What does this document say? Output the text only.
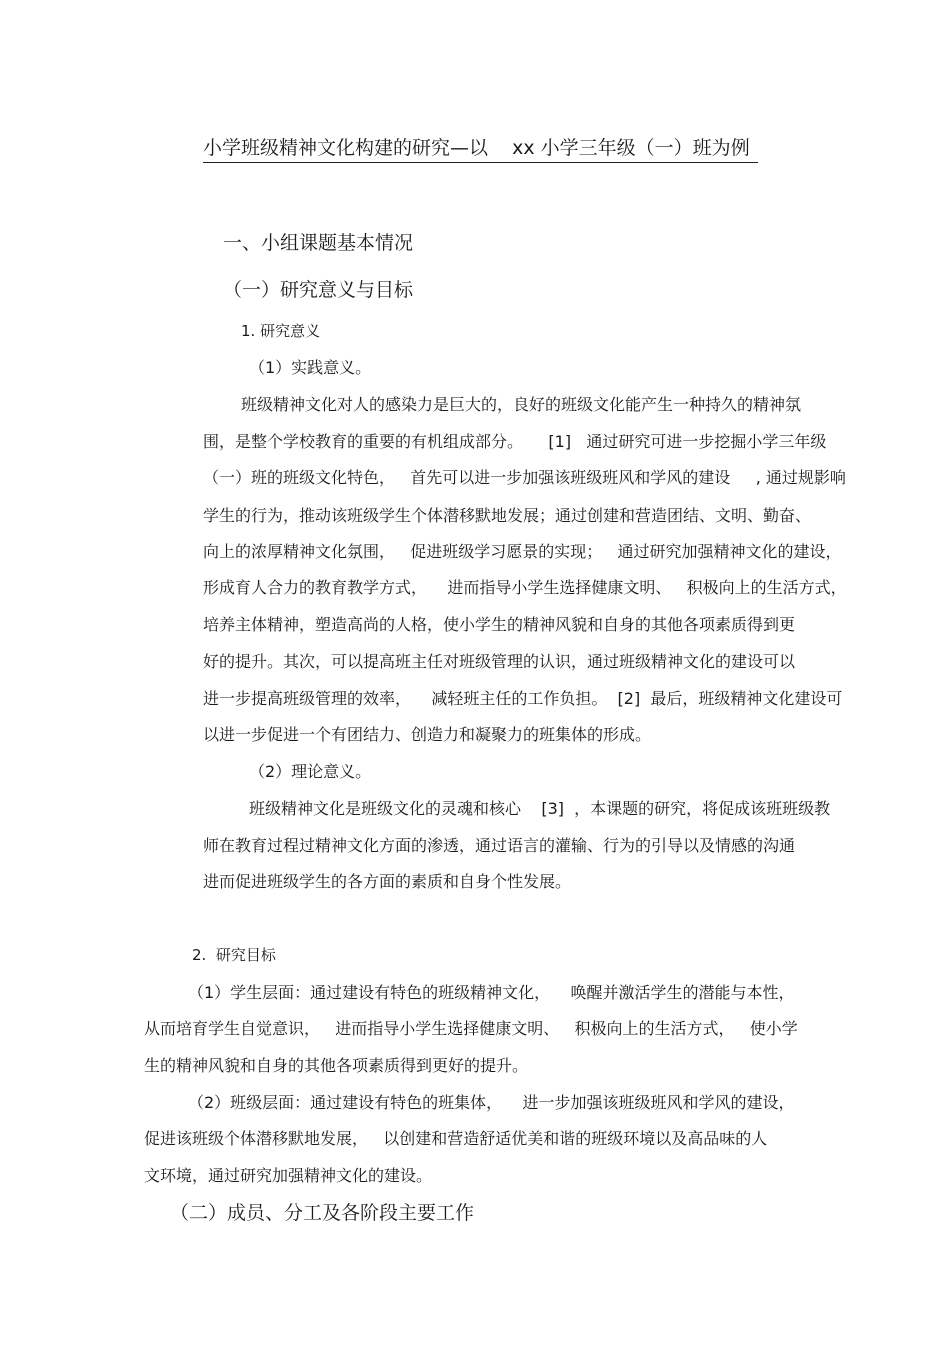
小学班级精神文化构建的研究—以    xx 小学三年级（一）班为例
一、小组课题基本情况
（一）研究意义与目标
1. 研究意义
（1）实践意义。
班级精神文化对人的感染力是巨大的，良好的班级文化能产生一种持久的精神氛
围，是整个学校教育的重要的有机组成部分。     [1]   通过研究可进一步挖掘小学三年级
（一）班的班级文化特色，   首先可以进一步加强该班级班风和学风的建设     , 通过规影响
学生的行为，推动该班级学生个体潜移默地发展；通过创建和营造团结、文明、勤奋、
向上的浓厚精神文化氛围，   促进班级学习愿景的实现；   通过研究加强精神文化的建设，
形成育人合力的教育教学方式，    进而指导小学生选择健康文明、   积极向上的生活方式，
培养主体精神，塑造高尚的人格，使小学生的精神风貌和自身的其他各项素质得到更
好的提升。其次，可以提高班主任对班级管理的认识，通过班级精神文化的建设可以
进一步提高班级管理的效率，    减轻班主任的工作负担。  [2]  最后，班级精神文化建设可
以进一步促进一个有团结力、创造力和凝聚力的班集体的形成。
（2）理论意义。
班级精神文化是班级文化的灵魂和核心    [3]  ，本课题的研究，将促成该班班级教
师在教育过程过精神文化方面的渗透，通过语言的灌输、行为的引导以及情感的沟通
进而促进班级学生的各方面的素质和自身个性发展。
2.  研究目标
（1）学生层面：通过建设有特色的班级精神文化，    唤醒并激活学生的潜能与本性，
从而培育学生自觉意识，   进而指导小学生选择健康文明、   积极向上的生活方式，   使小学
生的精神风貌和自身的其他各项素质得到更好的提升。
（2）班级层面：通过建设有特色的班集体，    进一步加强该班级班风和学风的建设，
促进该班级个体潜移默地发展，   以创建和营造舒适优美和谐的班级环境以及高品味的人
文环境，通过研究加强精神文化的建设。
（二）成员、分工及各阶段主要工作
